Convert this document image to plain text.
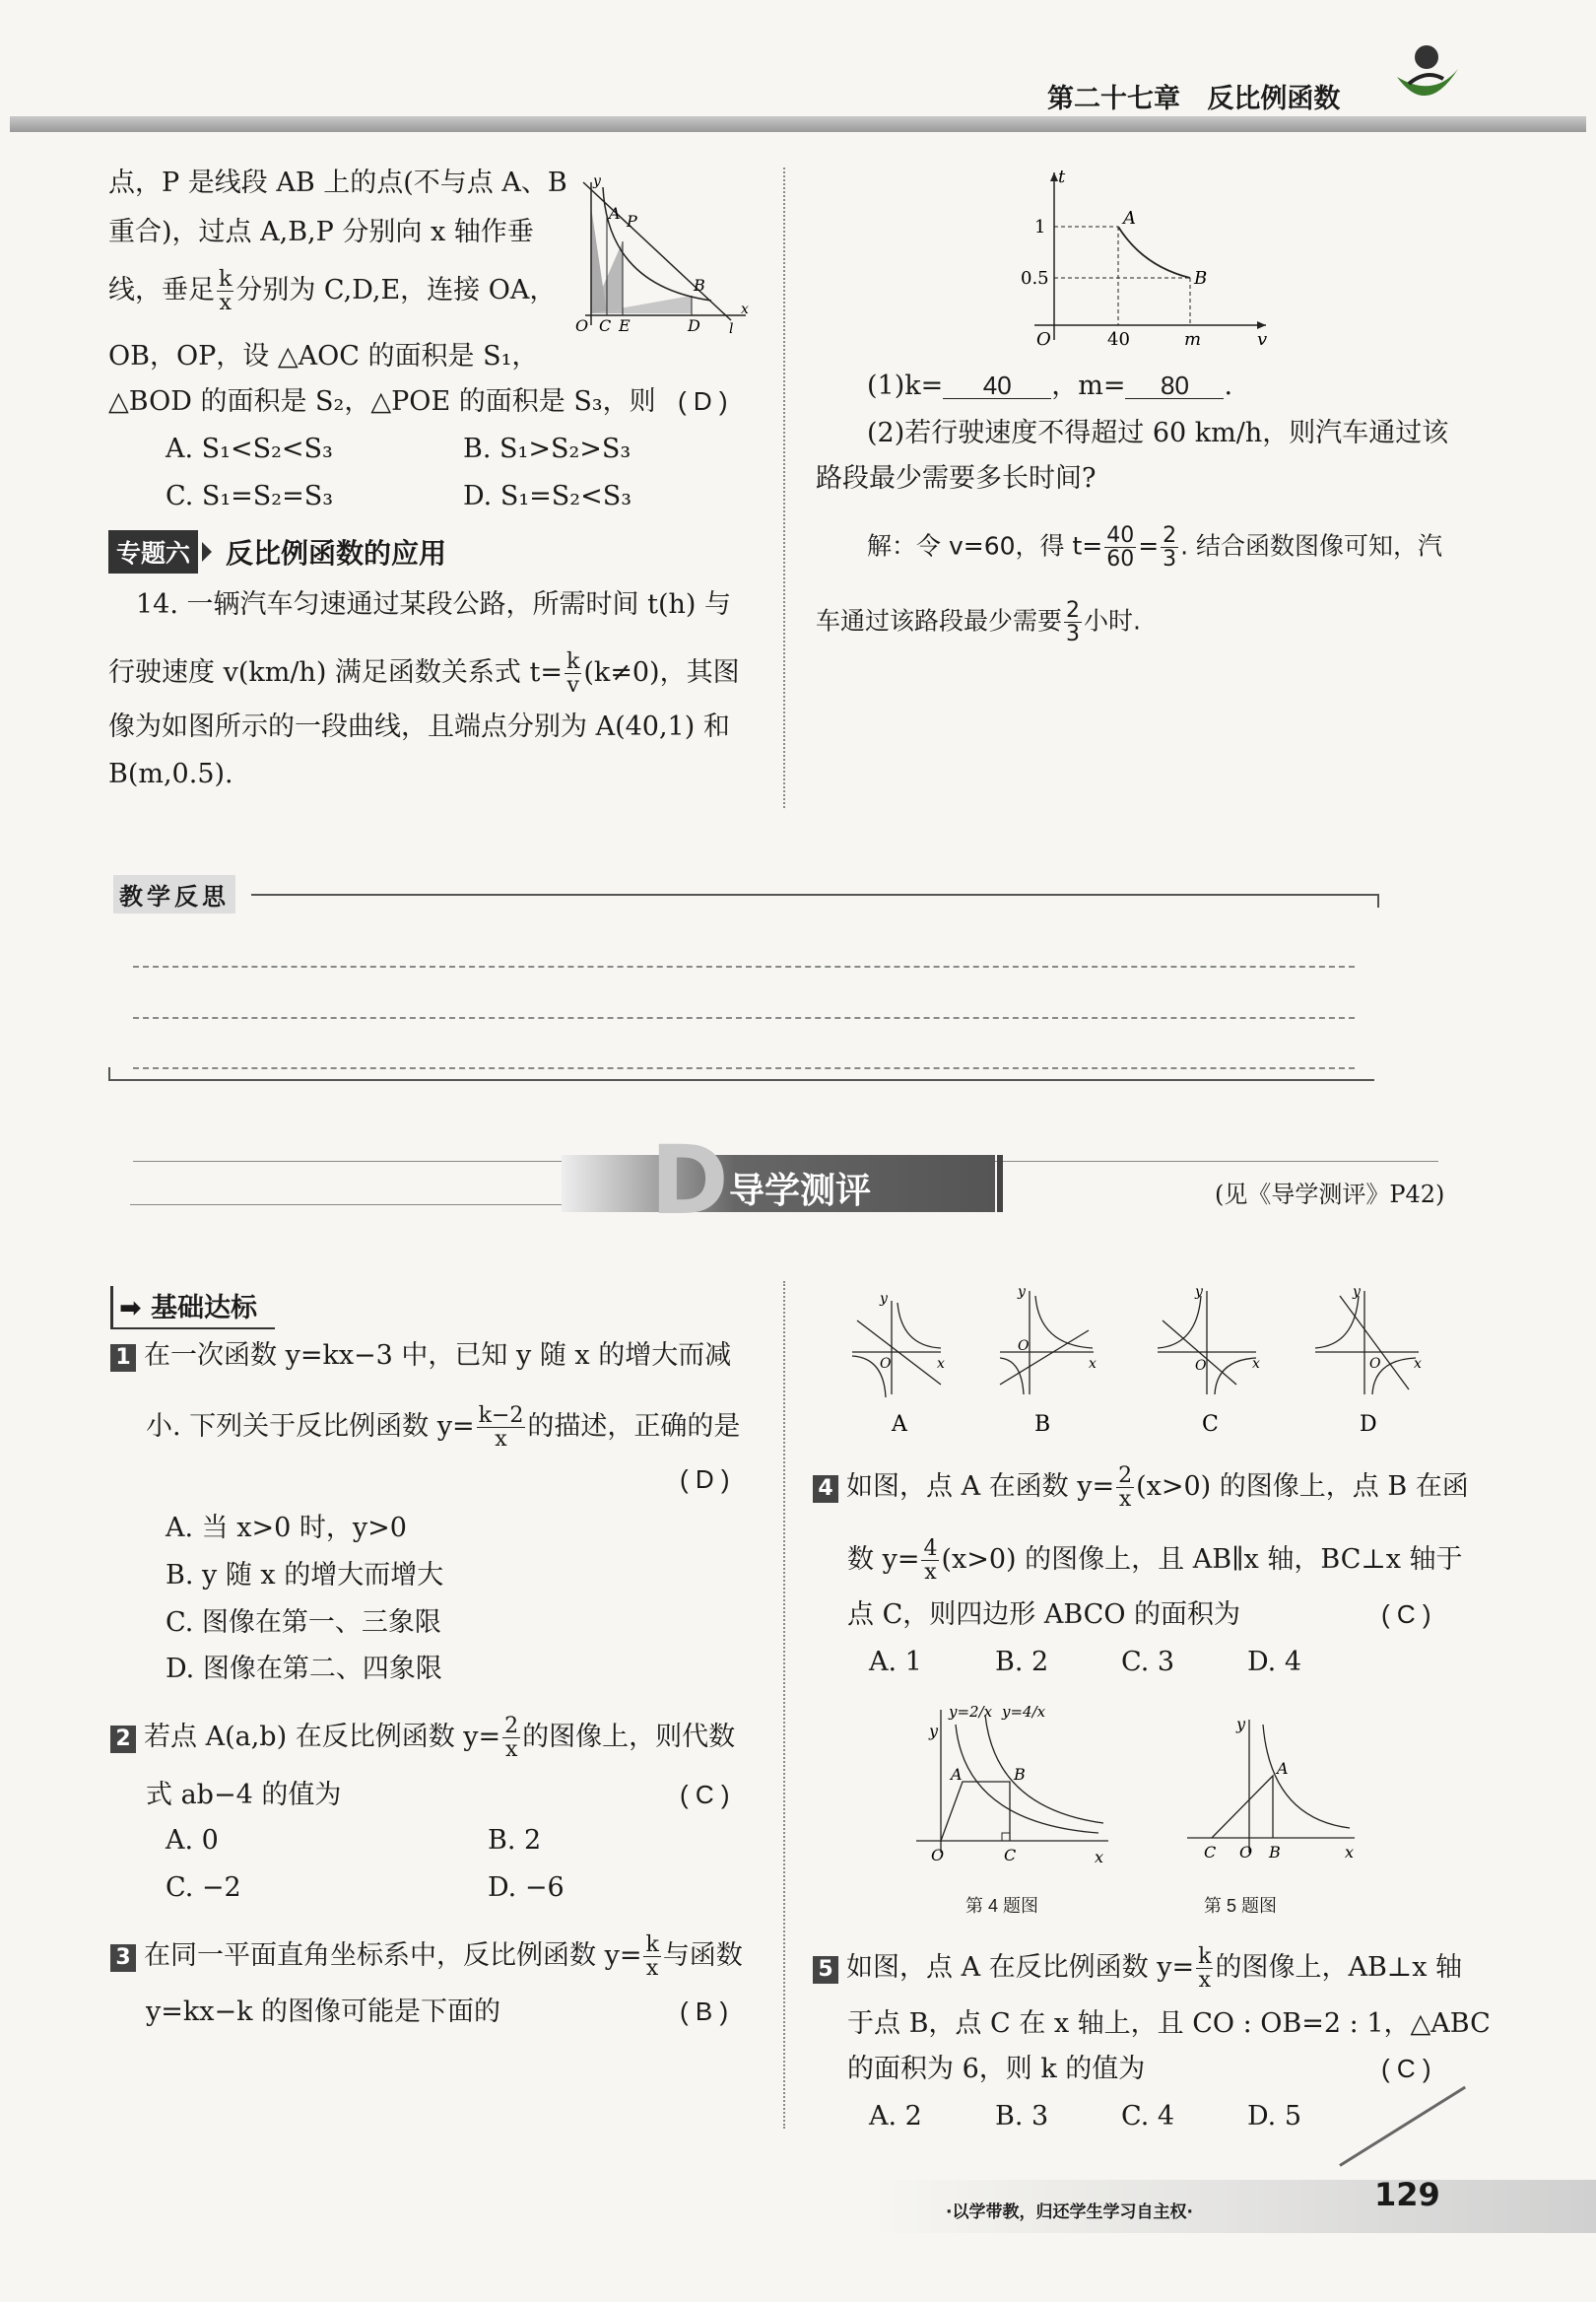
第二十七章 反比例函数
点，P 是线段 AB 上的点(不与点 A、B
重合)，过点 A,B,P 分别向 x 轴作垂
线，垂足 $\frac{k}{x}$ 分别为 C,D,E，连接 OA，
OB，OP，设 △AOC 的面积是 S₁，
△BOD 的面积是 S₂，△POE 的面积是 S₃，则 ( D )
A. S₁<S₂<S₃	B. S₁>S₂>S₃
C. S₁=S₂=S₃	D. S₁=S₂<S₃
y
A P
B
O C E	D
x
l
专题六 反比例函数的应用
14. 一辆汽车匀速通过某段公路，所需时间 t(h) 与
行驶速度 v(km/h) 满足函数关系式 $t= \frac{k}{v} (k\ne 0)$，其图
像为如图所示的一段曲线，且端点分别为 A(40,1) 和
B(m,0.5).
t
v
1
0.5
O	40	m
A
B
(1)k= 40 ，m= 80 .
(2)若行驶速度不得超过 60 km/h，则汽车通过该
路段最少需要多长时间?
解：令 v=60，得 $t= \frac{40}{60} = \frac{2}{3}$ . 结合函数图像可知，汽
车通过该路段最少需要 $\frac{2}{3}$ 小时.
教学反思
D 导学测评	(见《导学测评》P42)
➡ 基础达标
1 在一次函数 y=kx−3 中，已知 y 随 x 的增大而减
小. 下列关于反比例函数 $y= \frac{k-2}{x}$ 的描述，正确的是
( D )
A. 当 x>0 时，y>0
B. y 随 x 的增大而增大
C. 图像在第一、三象限
D. 图像在第二、四象限
2 若点 A(a,b) 在反比例函数 $y= \frac{2}{x}$ 的图像上，则代数
式 ab−4 的值为	( C )
A. 0	B. 2
C. −2	D. −6
3 在同一平面直角坐标系中，反比例函数 $y= \frac{k}{x}$ 与函数
y=kx−k 的图像可能是下面的	( B )
y
x
O
A
y
x
O
B
y
x
O
C
y
x
O
D
4 如图，点 A 在函数 $y= \frac{2}{x} (x>0)$ 的图像上，点 B 在函
数 $y= \frac{4}{x} (x>0)$ 的图像上，且 AB∥x 轴，BC⊥x 轴于
点 C，则四边形 ABCO 的面积为	( C )
A. 1	B. 2	C. 3	D. 4
y
y=2/x y=4/x
A	B
O	C	x
第 4 题图
y
A
C O B	x
第 5 题图
5 如图，点 A 在反比例函数 $y= \frac{k}{x}$ 的图像上，AB⊥x 轴
于点 B，点 C 在 x 轴上，且 CO : OB=2 : 1，△ABC
的面积为 6，则 k 的值为	( C )
A. 2	B. 3	C. 4	D. 5
·以学带教，归还学生学习自主权·	129
